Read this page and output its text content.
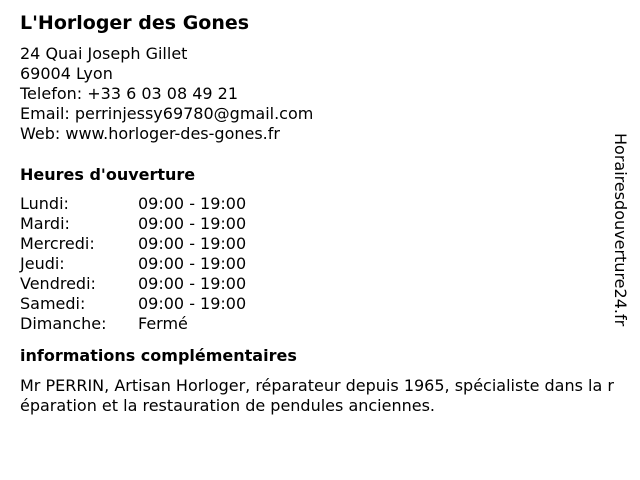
L'Horloger des Gones
24 Quai Joseph Gillet
69004 Lyon
Telefon: +33 6 03 08 49 21
Email: perrinjessy69780@gmail.com
Web: www.horloger-des-gones.fr
Heures d'ouverture
Lundi:	09:00 - 19:00
Mardi:	09:00 - 19:00
Mercredi:	09:00 - 19:00
Jeudi:	09:00 - 19:00
Vendredi:	09:00 - 19:00
Samedi:	09:00 - 19:00
Dimanche:	Fermé
informations complémentaires
Mr PERRIN, Artisan Horloger, réparateur depuis 1965, spécialiste dans la réparation et la restauration de pendules anciennes.
Horairesdouverture24.fr
